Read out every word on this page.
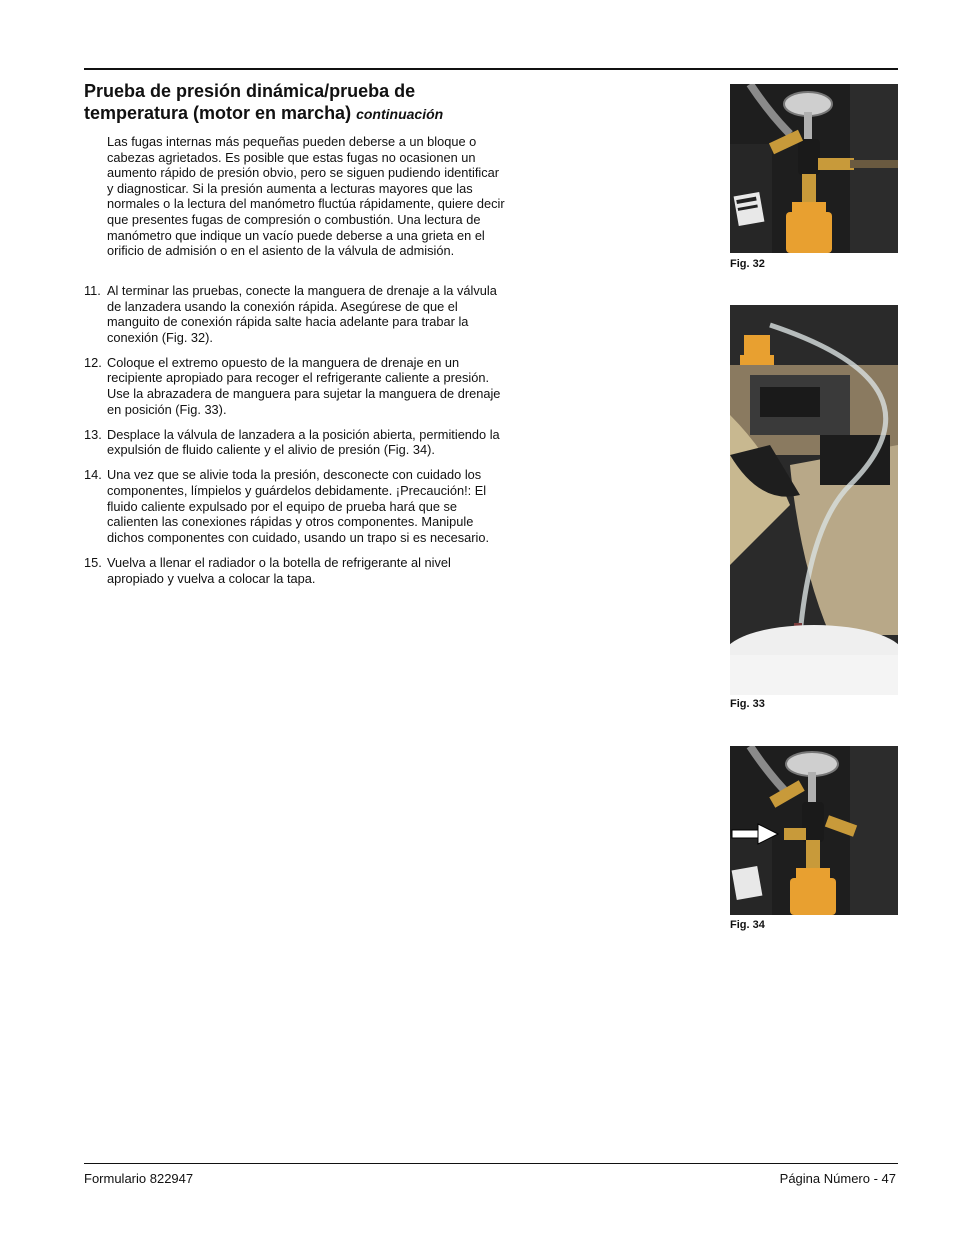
Prueba de presión dinámica/prueba de temperatura (motor en marcha) continuación

Las fugas internas más pequeñas pueden deberse a un bloque o cabezas agrietados. Es posible que estas fugas no ocasionen un aumento rápido de presión obvio, pero se siguen pudiendo identificar y diagnosticar. Si la presión aumenta a lecturas mayores que las normales o la lectura del manómetro fluctúa rápidamente, quiere decir que presentes fugas de compresión o combustión. Una lectura de manómetro que indique un vacío puede deberse a una grieta en el orificio de admisión o en el asiento de la válvula de admisión.

11. Al terminar las pruebas, conecte la manguera de drenaje a la válvula de lanzadera usando la conexión rápida. Asegúrese de que el manguito de conexión rápida salte hacia adelante para trabar la conexión (Fig. 32).
12. Coloque el extremo opuesto de la manguera de drenaje en un recipiente apropiado para recoger el refrigerante caliente a presión. Use la abrazadera de manguera para sujetar la manguera de drenaje en posición (Fig. 33).
13. Desplace la válvula de lanzadera a la posición abierta, permitiendo la expulsión de fluido caliente y el alivio de presión (Fig. 34).
14. Una vez que se alivie toda la presión, desconecte con cuidado los componentes, límpielos y guárdelos debidamente. ¡Precaución!: El fluido caliente expulsado por el equipo de prueba hará que se calienten las conexiones rápidas y otros componentes. Manipule dichos componentes con cuidado, usando un trapo si es necesario.
15. Vuelva a llenar el radiador o la botella de refrigerante al nivel apropiado y vuelva a colocar la tapa.
Fig. 32
Fig. 33
Fig. 34
Formulario 822947	Página Número - 47
